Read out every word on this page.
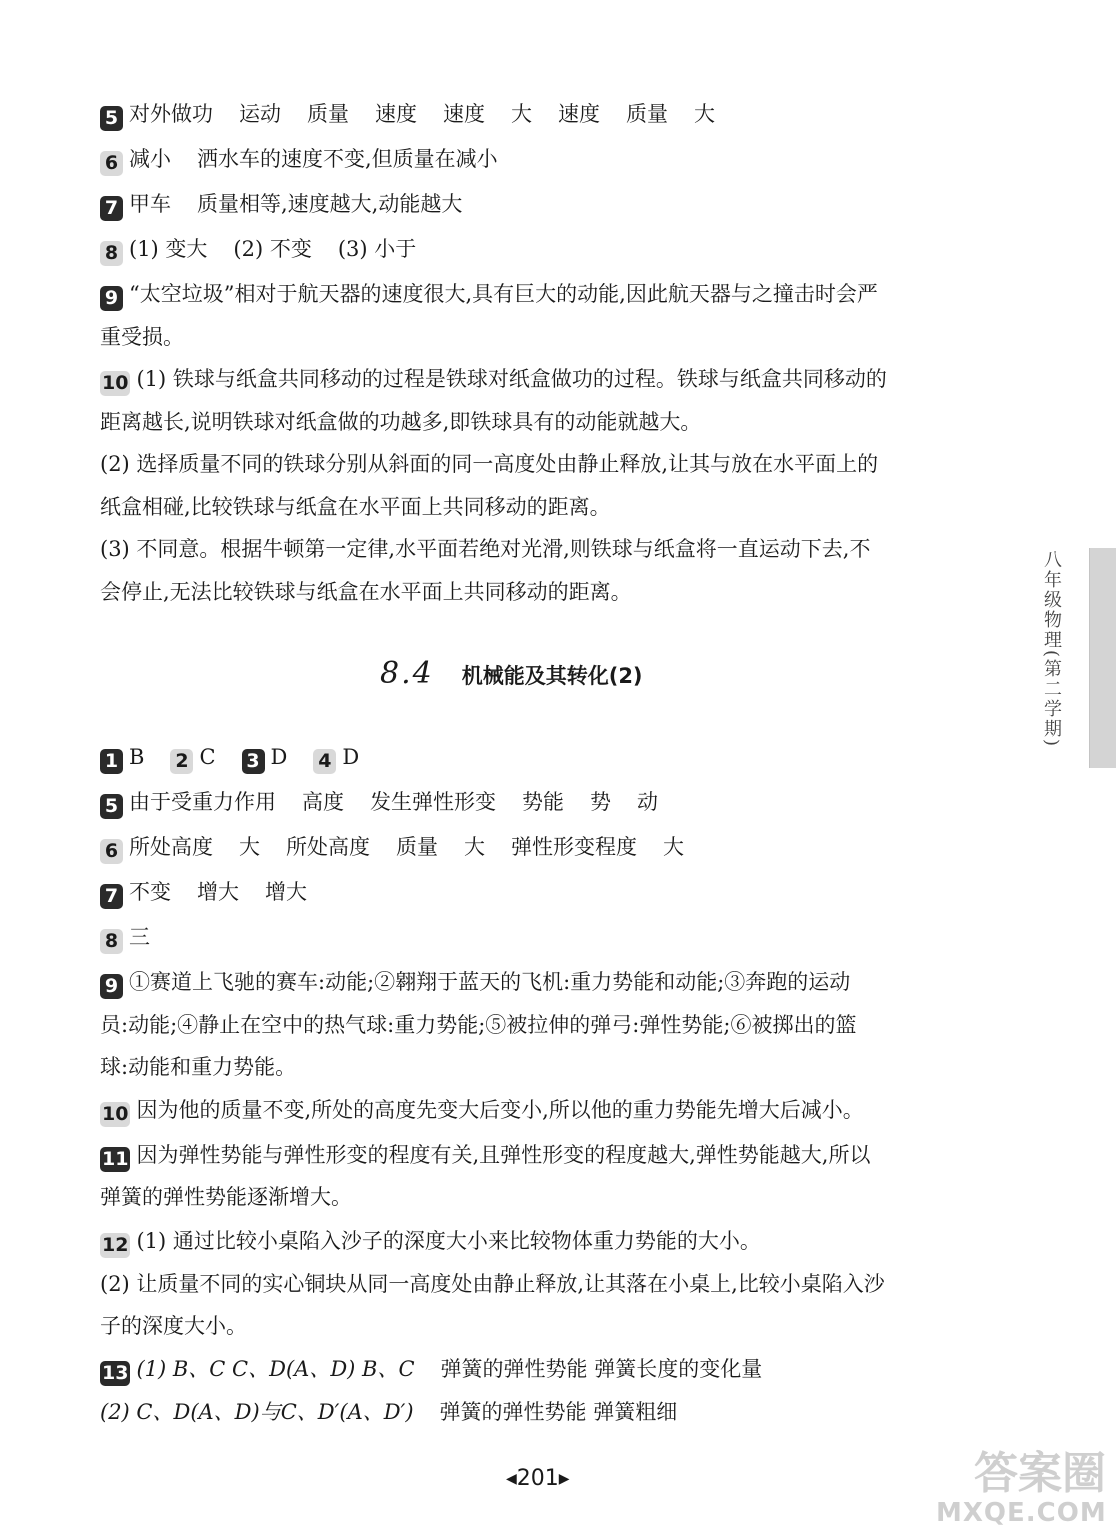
5 对外做功 运动 质量 速度 速度 大 速度 质量 大
6 减小 洒水车的速度不变,但质量在减小
7 甲车 质量相等,速度越大,动能越大
8 (1) 变大 (2) 不变 (3) 小于
9 “太空垃圾”相对于航天器的速度很大,具有巨大的动能,因此航天器与之撞击时会严
重受损。
10 (1) 铁球与纸盒共同移动的过程是铁球对纸盒做功的过程。铁球与纸盒共同移动的
距离越长,说明铁球对纸盒做的功越多,即铁球具有的动能就越大。
(2) 选择质量不同的铁球分别从斜面的同一高度处由静止释放,让其与放在水平面上的
纸盒相碰,比较铁球与纸盒在水平面上共同移动的距离。
(3) 不同意。根据牛顿第一定律,水平面若绝对光滑,则铁球与纸盒将一直运动下去,不
会停止,无法比较铁球与纸盒在水平面上共同移动的距离。
8.4 机械能及其转化(2)
1 B 2 C 3 D 4 D
5 由于受重力作用 高度 发生弹性形变 势能 势 动
6 所处高度 大 所处高度 质量 大 弹性形变程度 大
7 不变 增大 增大
8 三
9 ①赛道上飞驰的赛车:动能;②翱翔于蓝天的飞机:重力势能和动能;③奔跑的运动
员:动能;④静止在空中的热气球:重力势能;⑤被拉伸的弹弓:弹性势能;⑥被掷出的篮
球:动能和重力势能。
10 因为他的质量不变,所处的高度先变大后变小,所以他的重力势能先增大后减小。
11 因为弹性势能与弹性形变的程度有关,且弹性形变的程度越大,弹性势能越大,所以
弹簧的弹性势能逐渐增大。
12 (1) 通过比较小桌陷入沙子的深度大小来比较物体重力势能的大小。
(2) 让质量不同的实心铜块从同一高度处由静止释放,让其落在小桌上,比较小桌陷入沙
子的深度大小。
13 (1) B、C C、D(A、D) B、C 弹簧的弹性势能 弹簧长度的变化量
(2) C、D(A、D)与C、D′(A、D′) 弹簧的弹性势能 弹簧粗细
八年级物理(第二学期)
◀201▶	答案圈
MXQE.COM
